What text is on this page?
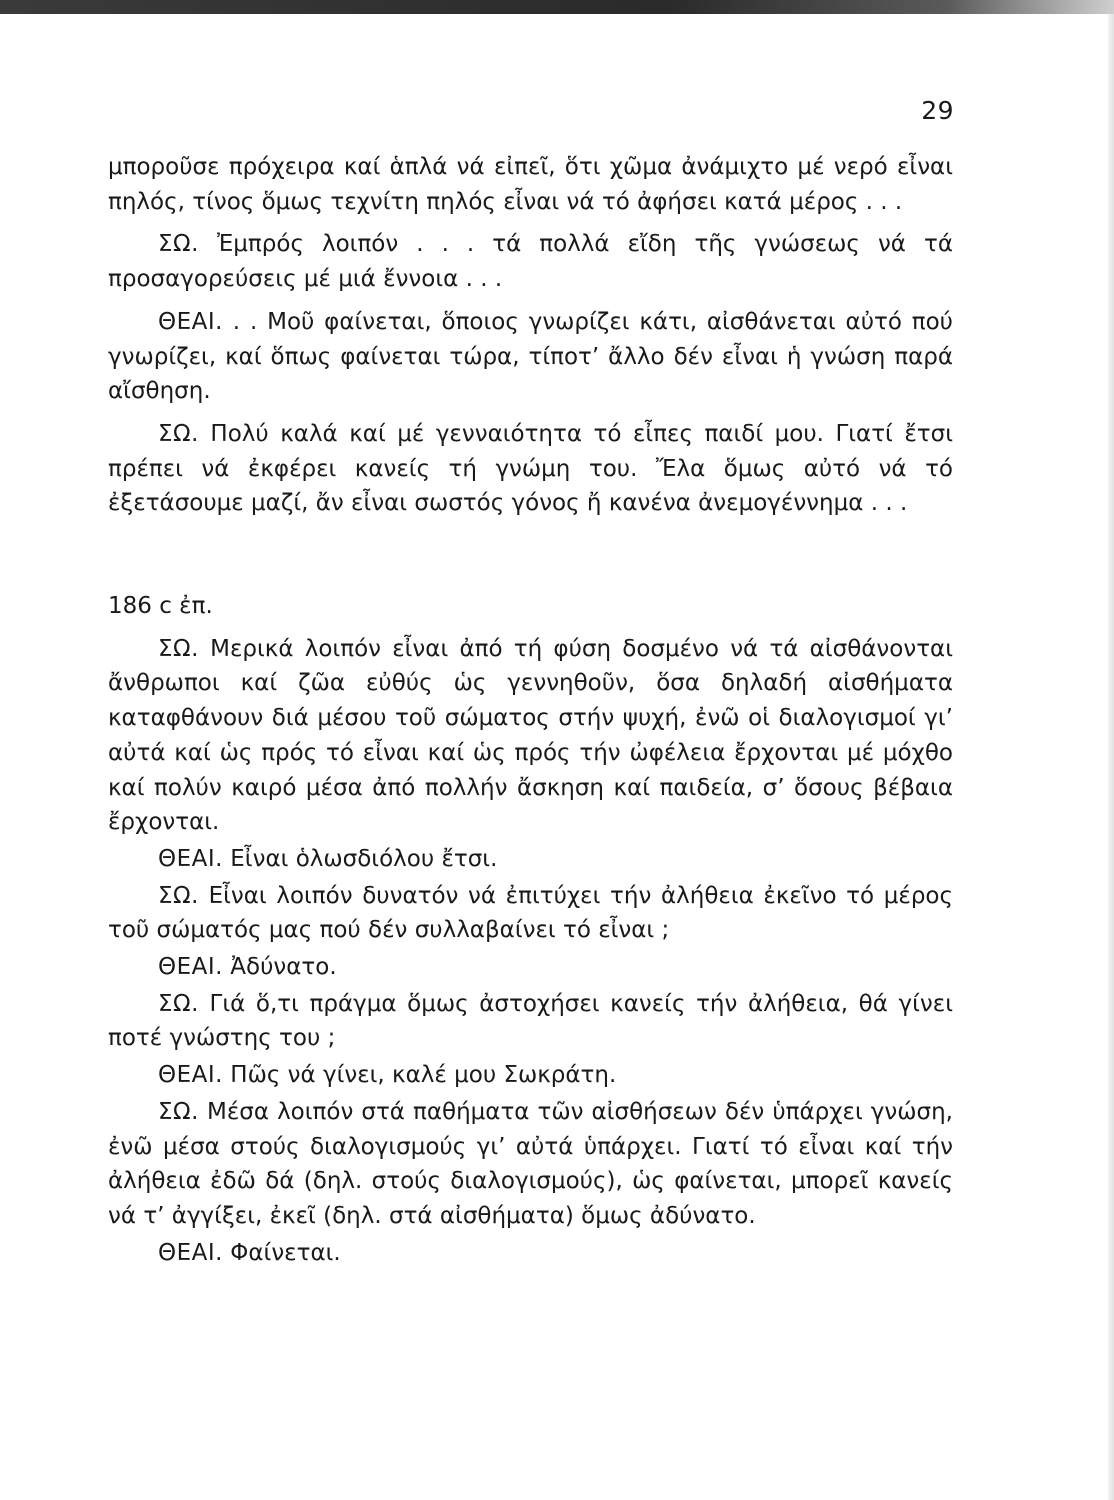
29

μποροῦσε πρόχειρα καί ἁπλά νά εἰπεῖ, ὅτι χῶμα ἀνάμιχτο μέ νερό εἶναι πηλός, τίνος ὅμως τεχνίτη πηλός εἶναι νά τό ἀφήσει κατά μέρος . . .

ΣΩ. Ἐμπρός λοιπόν . . . τά πολλά εἴδη τῆς γνώσεως νά τά προσαγορεύσεις μέ μιά ἔννοια . . .

ΘΕΑΙ. . . Μοῦ φαίνεται, ὅποιος γνωρίζει κάτι, αἰσθάνεται αὐτό πού γνωρίζει, καί ὅπως φαίνεται τώρα, τίποτ’ ἄλλο δέν εἶναι ἡ γνώση παρά αἴσθηση.

ΣΩ. Πολύ καλά καί μέ γενναιότητα τό εἶπες παιδί μου. Γιατί ἔτσι πρέπει νά ἐκφέρει κανείς τή γνώμη του. Ἔλα ὅμως αὐτό νά τό ἐξετάσουμε μαζί, ἄν εἶναι σωστός γόνος ἤ κανένα ἀνεμογέννημα . . .

186 c ἐπ.

ΣΩ. Μερικά λοιπόν εἶναι ἀπό τή φύση δοσμένο νά τά αἰσθάνονται ἄνθρωποι καί ζῶα εὐθύς ὡς γεννηθοῦν, ὅσα δηλαδή αἰσθήματα καταφθάνουν διά μέσου τοῦ σώματος στήν ψυχή, ἐνῶ οἱ διαλογισμοί γι’ αὐτά καί ὡς πρός τό εἶναι καί ὡς πρός τήν ὠφέλεια ἔρχονται μέ μόχθο καί πολύν καιρό μέσα ἀπό πολλήν ἄσκηση καί παιδεία, σ’ ὅσους βέβαια ἔρχονται.

ΘΕΑΙ. Εἶναι ὁλωσδιόλου ἔτσι.

ΣΩ. Εἶναι λοιπόν δυνατόν νά ἐπιτύχει τήν ἀλήθεια ἐκεῖνο τό μέρος τοῦ σώματός μας πού δέν συλλαβαίνει τό εἶναι ;

ΘΕΑΙ. Ἀδύνατο.

ΣΩ. Γιά ὅ,τι πράγμα ὅμως ἀστοχήσει κανείς τήν ἀλήθεια, θά γίνει ποτέ γνώστης του ;

ΘΕΑΙ. Πῶς νά γίνει, καλέ μου Σωκράτη.

ΣΩ. Μέσα λοιπόν στά παθήματα τῶν αἰσθήσεων δέν ὑπάρχει γνώση, ἐνῶ μέσα στούς διαλογισμούς γι’ αὐτά ὑπάρχει. Γιατί τό εἶναι καί τήν ἀλήθεια ἐδῶ δά (δηλ. στούς διαλογισμούς), ὡς φαίνεται, μπορεῖ κανείς νά τ’ ἀγγίξει, ἐκεῖ (δηλ. στά αἰσθήματα) ὅμως ἀδύνατο.

ΘΕΑΙ. Φαίνεται.
